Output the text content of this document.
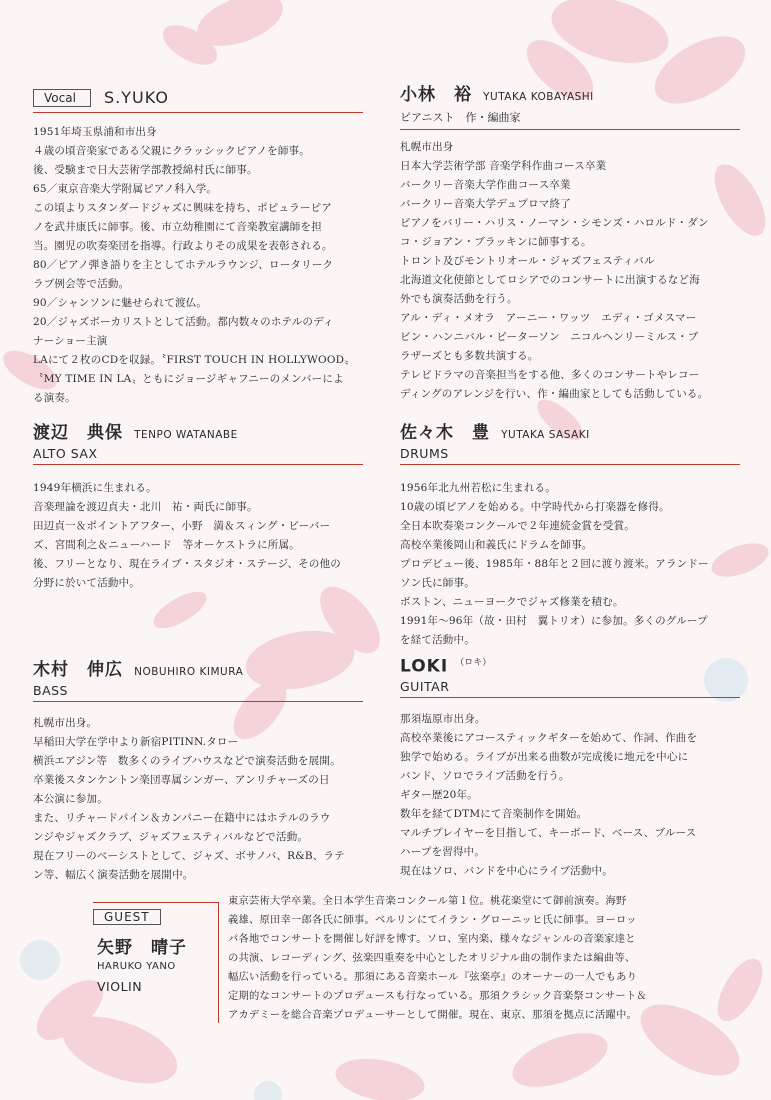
Vocal S.YUKO
1951年埼玉県浦和市出身
４歳の頃音楽家である父親にクラッシックピアノを師事。
後、受験まで日大芸術学部教授綿村氏に師事。
65／東京音楽大学附属ピアノ科入学。
この頃よりスタンダードジャズに興味を持ち、ポピュラーピア
ノを武井康氏に師事。後、市立幼稚園にて音楽教室講師を担
当。園児の吹奏楽団を指導。行政よりその成果を表彰される。
80／ピアノ弾き語りを主としてホテルラウンジ、ロータリーク
ラブ例会等で活動。
90／シャンソンに魅せられて渡仏。
20／ジャズボーカリストとして活動。都内数々のホテルのディ
ナーショー主演
LAにて２枚のCDを収録。〝FIRST TOUCH IN HOLLYWOOD〟
〝MY TIME IN LA〟ともにジョージギャフニーのメンバーによ
る演奏。
小林　裕 YUTAKA KOBAYASHI
ピアニスト　作・編曲家
札幌市出身
日本大学芸術学部 音楽学科作曲コース卒業
バークリー音楽大学作曲コース卒業
バークリー音楽大学デュプロマ終了
ピアノをバリー・ハリス・ノーマン・シモンズ・ハロルド・ダン
コ・ジョアン・ブラッキンに師事する。
トロント及びモントリオール・ジャズフェスティバル
北海道文化使節としてロシアでのコンサートに出演するなど海
外でも演奏活動を行う。
アル・ディ・メオラ　アーニー・ワッツ　エディ・ゴメスマー
ビン・ハンニバル・ピーターソン　ニコルヘンリーミルス・ブ
ラザーズとも多数共演する。
テレビドラマの音楽担当をする他、多くのコンサートやレコー
ディングのアレンジを行い、作・編曲家としても活動している。
渡辺　典保 TENPO WATANABE
ALTO SAX
1949年横浜に生まれる。
音楽理論を渡辺貞夫・北川　祐・両氏に師事。
田辺貞一＆ポイントアフター、小野　満＆スィング・ビーバー
ズ、宮間利之＆ニューハード　等オーケストラに所属。
後、フリーとなり、現在ライブ・スタジオ・ステージ、その他の
分野に於いて活動中。
佐々木　豊 YUTAKA SASAKI
DRUMS
1956年北九州若松に生まれる。
10歳の頃ピアノを始める。中学時代から打楽器を修得。
全日本吹奏楽コンクールで２年連続金賞を受賞。
高校卒業後岡山和義氏にドラムを師事。
プロデビュー後、1985年・88年と２回に渡り渡米。アランドー
ソン氏に師事。
ボストン、ニューヨークでジャズ修業を積む。
1991年〜96年（故・田村　翼トリオ）に参加。多くのグループ
を経て活動中。
木村　伸広 NOBUHIRO KIMURA
BASS
札幌市出身。
早稲田大学在学中より新宿PITINN.タロー
横浜エアジン等　数多くのライブハウスなどで演奏活動を展開。
卒業後スタンケントン楽団専属シンガー、アンリチャーズの日
本公演に参加。
また、リチャードパイン＆カンパニー在籍中にはホテルのラウ
ンジやジャズクラブ、ジャズフェスティバルなどで活動。
現在フリーのベーシストとして、ジャズ、ボサノバ、R&B、ラテ
ン等、幅広く演奏活動を展開中。
LOKI $^{(ロキ)}$
GUITAR
那須塩原市出身。
高校卒業後にアコースティックギターを始めて、作詞、作曲を
独学で始める。ライブが出来る曲数が完成後に地元を中心に
バンド、ソロでライブ活動を行う。
ギター歴20年。
数年を経てDTMにて音楽制作を開始。
マルチプレイヤーを目指して、キーボード、ベース、ブルース
ハープを習得中。
現在はソロ、バンドを中心にライブ活動中。
GUEST
矢野　晴子
HARUKO YANO
VIOLIN
東京芸術大学卒業。全日本学生音楽コンクール第１位。桃花楽堂にて御前演奏。海野
義雄、原田幸一郎各氏に師事。ベルリンにてイラン・グローニッヒ氏に師事。ヨーロッ
パ各地でコンサートを開催し好評を博す。ソロ、室内楽、様々なジャンルの音楽家達と
の共演、レコーディング、弦楽四重奏を中心としたオリジナル曲の制作または編曲等、
幅広い活動を行っている。那須にある音楽ホール『弦楽亭』のオーナーの一人でもあり
定期的なコンサートのプロデュースも行なっている。那須クラシック音楽祭コンサート＆
アカデミーを総合音楽プロデューサーとして開催。現在、東京、那須を拠点に活躍中。
